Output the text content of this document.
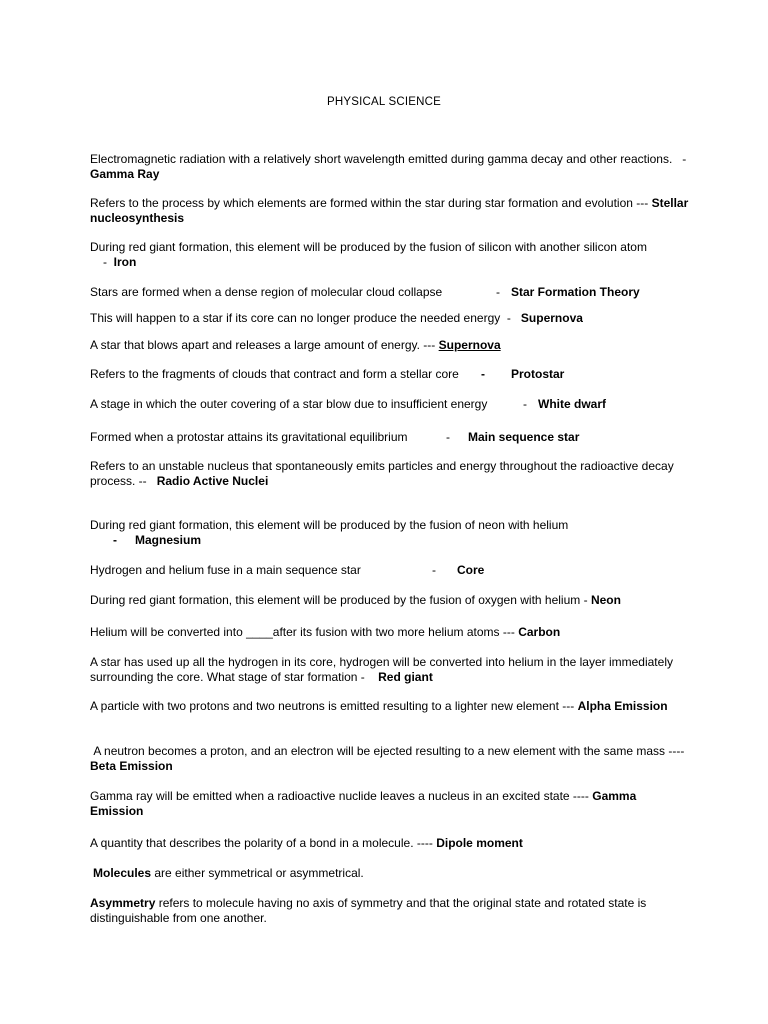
PHYSICAL SCIENCE

Electromagnetic radiation with a relatively short wavelength emitted during gamma decay and other reactions.   -  Gamma Ray

Refers to the process by which elements are formed within the star during star formation and evolution --- Stellar nucleosynthesis

During red giant formation, this element will be produced by the fusion of silicon with another silicon atom
-  Iron

Stars are formed when a dense region of molecular cloud collapse	- Star Formation Theory

This will happen to a star if its core can no longer produce the needed energy  -   Supernova

A star that blows apart and releases a large amount of energy. --- Supernova

Refers to the fragments of clouds that contract and form a stellar core - Protostar

A stage in which the outer covering of a star blow due to insufficient energy	- White dwarf

Formed when a protostar attains its gravitational equilibrium	- Main sequence star

Refers to an unstable nucleus that spontaneously emits particles and energy throughout the radioactive decay process. --   Radio Active Nuclei

During red giant formation, this element will be produced by the fusion of neon with helium
- Magnesium

Hydrogen and helium fuse in a main sequence star	- Core

During red giant formation, this element will be produced by the fusion of oxygen with helium - Neon

Helium will be converted into ____after its fusion with two more helium atoms --- Carbon

A star has used up all the hydrogen in its core, hydrogen will be converted into helium in the layer immediately surrounding the core. What stage of star formation -    Red giant

A particle with two protons and two neutrons is emitted resulting to a lighter new element --- Alpha Emission

A neutron becomes a proton, and an electron will be ejected resulting to a new element with the same mass ---- Beta Emission

Gamma ray will be emitted when a radioactive nuclide leaves a nucleus in an excited state ---- Gamma Emission

A quantity that describes the polarity of a bond in a molecule. ---- Dipole moment

Molecules are either symmetrical or asymmetrical.

Asymmetry refers to molecule having no axis of symmetry and that the original state and rotated state is distinguishable from one another.
